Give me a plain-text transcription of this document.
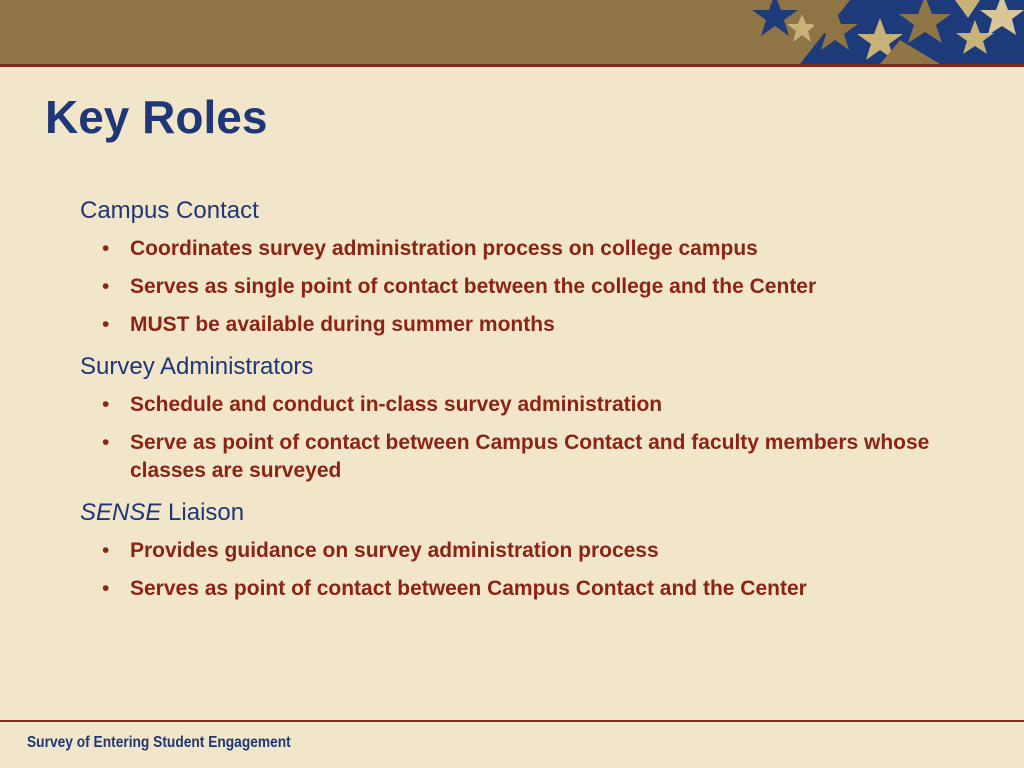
Key Roles

Campus Contact

• Coordinates survey administration process on college campus
• Serves as single point of contact between the college and the Center
• MUST be available during summer months

Survey Administrators

• Schedule and conduct in-class survey administration
• Serve as point of contact between Campus Contact and faculty members whose classes are surveyed

SENSE Liaison

• Provides guidance on survey administration process
• Serves as point of contact between Campus Contact and the Center
Survey of Entering Student Engagement
